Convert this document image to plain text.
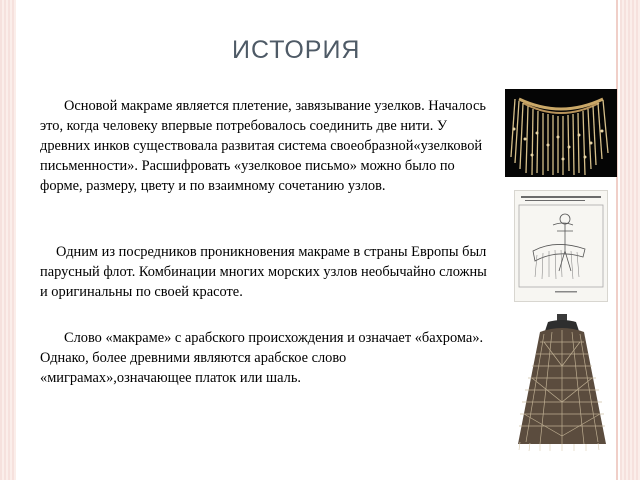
ИСТОРИЯ

Основой макраме является плетение, завязывание узелков. Началось это, когда человеку впервые потребовалось соединить две нити. У древних инков существовала развитая система своеобразной«узелковой письменности». Расшифровать «узелковое письмо» можно было по форме, размеру, цвету и по взаимному сочетанию узлов.

Одним из посредников проникновения макраме в страны Европы был парусный флот. Комбинации многих морских узлов необычайно сложны и оригинальны по своей красоте.

Слово «макраме» с арабского происхождения и означает «бахрома». Однако, более древними являются арабское слово «миграмах»,означающее платок или шаль.
